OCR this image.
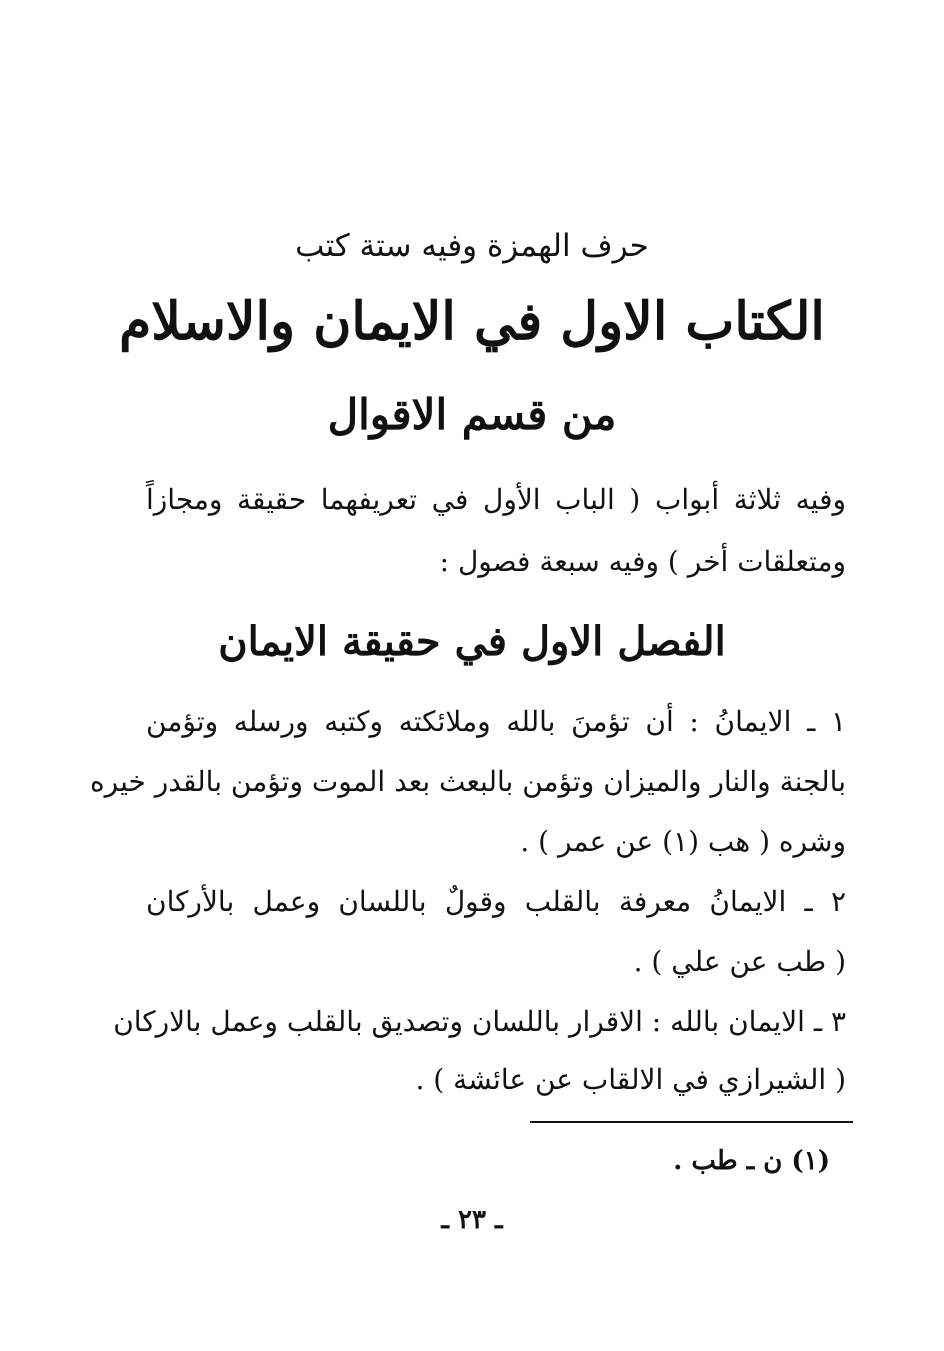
حرف الهمزة وفيه ستة كتب
الكتاب الاول في الايمان والاسلام
من قسم الاقوال
وفيه ثلاثة أبواب ( الباب الأول في تعريفهما حقيقة ومجازاً
ومتعلقات أخر ) وفيه سبعة فصول :
الفصل الاول في حقيقة الايمان
١ ـ الايمانُ : أن تؤمنَ بالله وملائكته وكتبه ورسله وتؤمن
بالجنة والنار والميزان وتؤمن بالبعث بعد الموت وتؤمن بالقدر خيره
وشره ( هب (١) عن عمر ) .
٢ ـ الايمانُ معرفة بالقلب وقولٌ باللسان وعمل بالأركان
( طب عن علي ) .
٣ ـ الايمان بالله : الاقرار باللسان وتصديق بالقلب وعمل بالاركان
( الشيرازي في الالقاب عن عائشة ) .
(١) ن ـ طب .
ـ ٢٣ ـ
